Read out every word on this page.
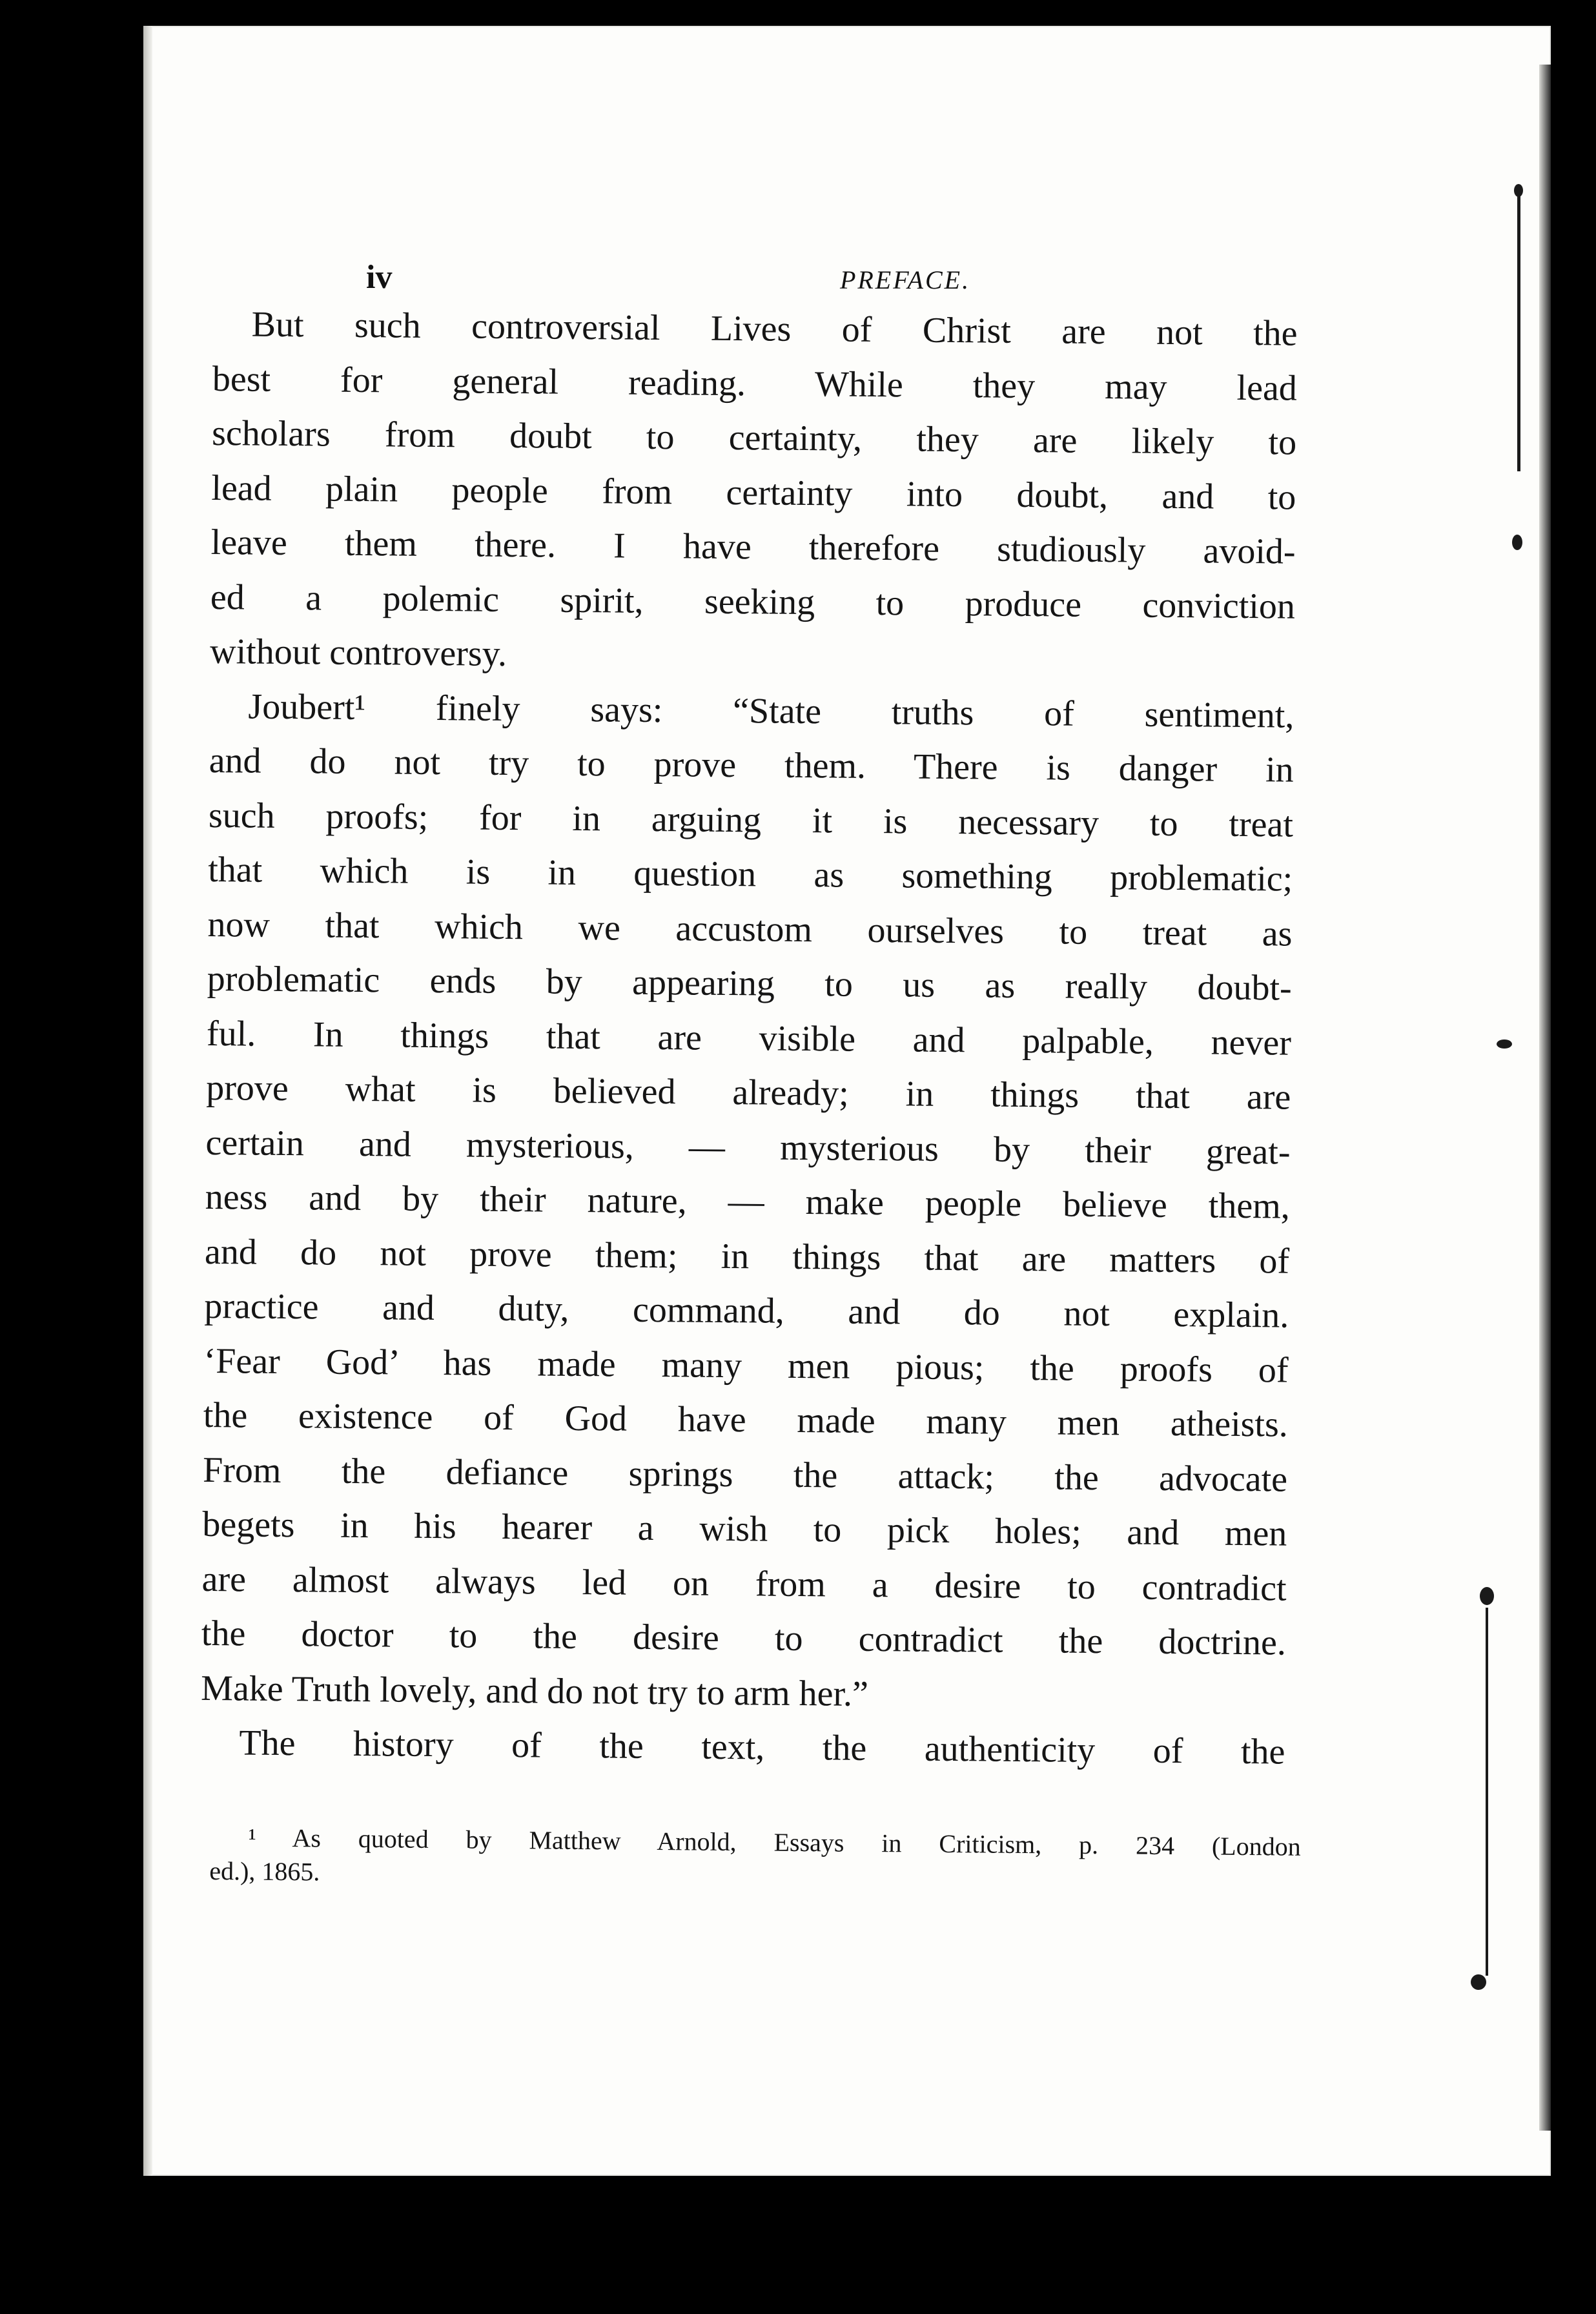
iv	PREFACE.
But such controversial Lives of Christ are not the
best for general reading. While they may lead
scholars from doubt to certainty, they are likely to
lead plain people from certainty into doubt, and to
leave them there. I have therefore studiously avoid-
ed a polemic spirit, seeking to produce conviction
without controversy.
Joubert¹ finely says: “State truths of sentiment,
and do not try to prove them. There is danger in
such proofs; for in arguing it is necessary to treat
that which is in question as something problematic;
now that which we accustom ourselves to treat as
problematic ends by appearing to us as really doubt-
ful. In things that are visible and palpable, never
prove what is believed already; in things that are
certain and mysterious, — mysterious by their great-
ness and by their nature, — make people believe them,
and do not prove them; in things that are matters of
practice and duty, command, and do not explain.
‘Fear God’ has made many men pious; the proofs of
the existence of God have made many men atheists.
From the defiance springs the attack; the advocate
begets in his hearer a wish to pick holes; and men
are almost always led on from a desire to contradict
the doctor to the desire to contradict the doctrine.
Make Truth lovely, and do not try to arm her.”
The history of the text, the authenticity of the
¹ As quoted by Matthew Arnold, Essays in Criticism, p. 234 (London
ed.), 1865.
